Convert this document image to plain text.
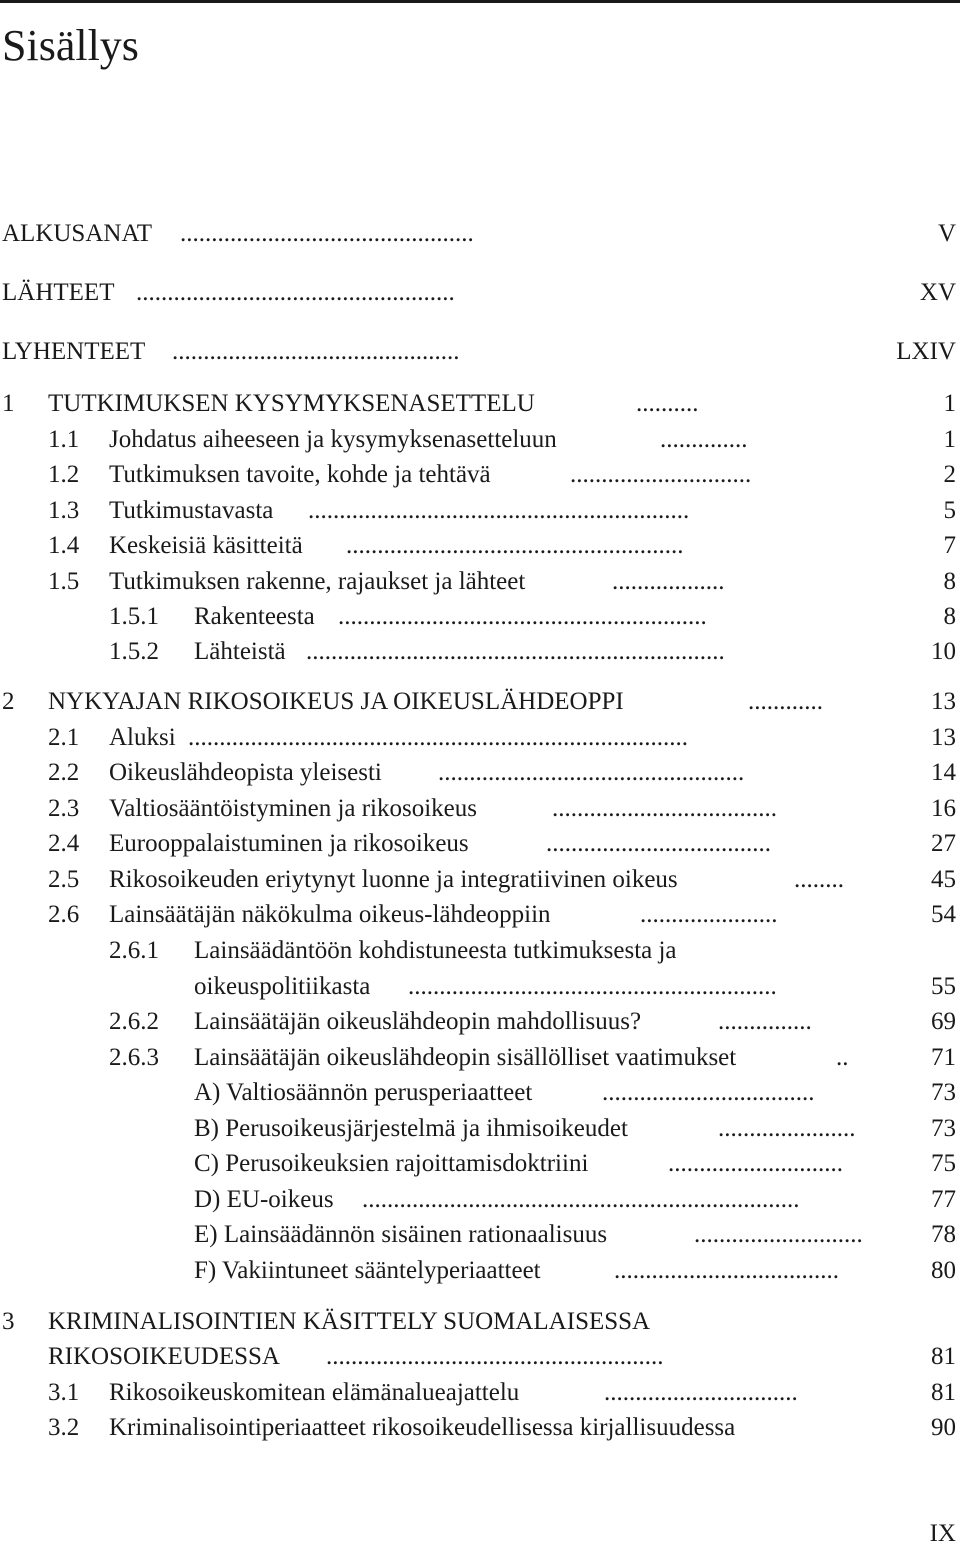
Sisällys
ALKUSANAT ...............................................	V
LÄHTEET ...................................................	XV
LYHENTEET ..............................................	LXIV
1 TUTKIMUKSEN KYSYMYKSENASETTELU	..........	1
1.1 Johdatus aiheeseen ja kysymyksenasetteluun	..............	1
1.2 Tutkimuksen tavoite, kohde ja tehtävä	.............................	2
1.3 Tutkimustavasta .............................................................	5
1.4 Keskeisiä käsitteitä ......................................................	7
1.5 Tutkimuksen rakenne, rajaukset ja lähteet	..................	8
1.5.1 Rakenteesta ...........................................................	8
1.5.2 Lähteistä ...................................................................	10
2 NYKYAJAN RIKOSOIKEUS JA OIKEUSLÄHDEOPPI	............	13
2.1 Aluksi ................................................................................	13
2.2 Oikeuslähdeopista yleisesti .................................................	14
2.3 Valtiosääntöistyminen ja rikosoikeus	....................................	16
2.4 Eurooppalaistuminen ja rikosoikeus	....................................	27
2.5 Rikosoikeuden eriytynyt luonne ja integratiivinen oikeus	........	45
2.6 Lainsäätäjän näkökulma oikeus-lähdeoppiin	......................	54
2.6.1 Lainsäädäntöön kohdistuneesta tutkimuksesta ja
oikeuspolitiikasta ...........................................................	55
2.6.2 Lainsäätäjän oikeuslähdeopin mahdollisuus?	...............	69
2.6.3 Lainsäätäjän oikeuslähdeopin sisällölliset vaatimukset	..	71
A) Valtiosäännön perusperiaatteet	..................................	73
B) Perusoikeusjärjestelmä ja ihmisoikeudet	......................	73
C) Perusoikeuksien rajoittamisdoktriini	............................	75
D) EU-oikeus ......................................................................	77
E) Lainsäädännön sisäinen rationaalisuus	...........................	78
F) Vakiintuneet sääntelyperiaatteet	....................................	80
3 KRIMINALISOINTIEN KÄSITTELY SUOMALAISESSA
RIKOSOIKEUDESSA ......................................................	81
3.1 Rikosoikeuskomitean elämänalueajattelu	...............................	81
3.2 Kriminalisointiperiaatteet rikosoikeudellisessa kirjallisuudessa	90
IX
